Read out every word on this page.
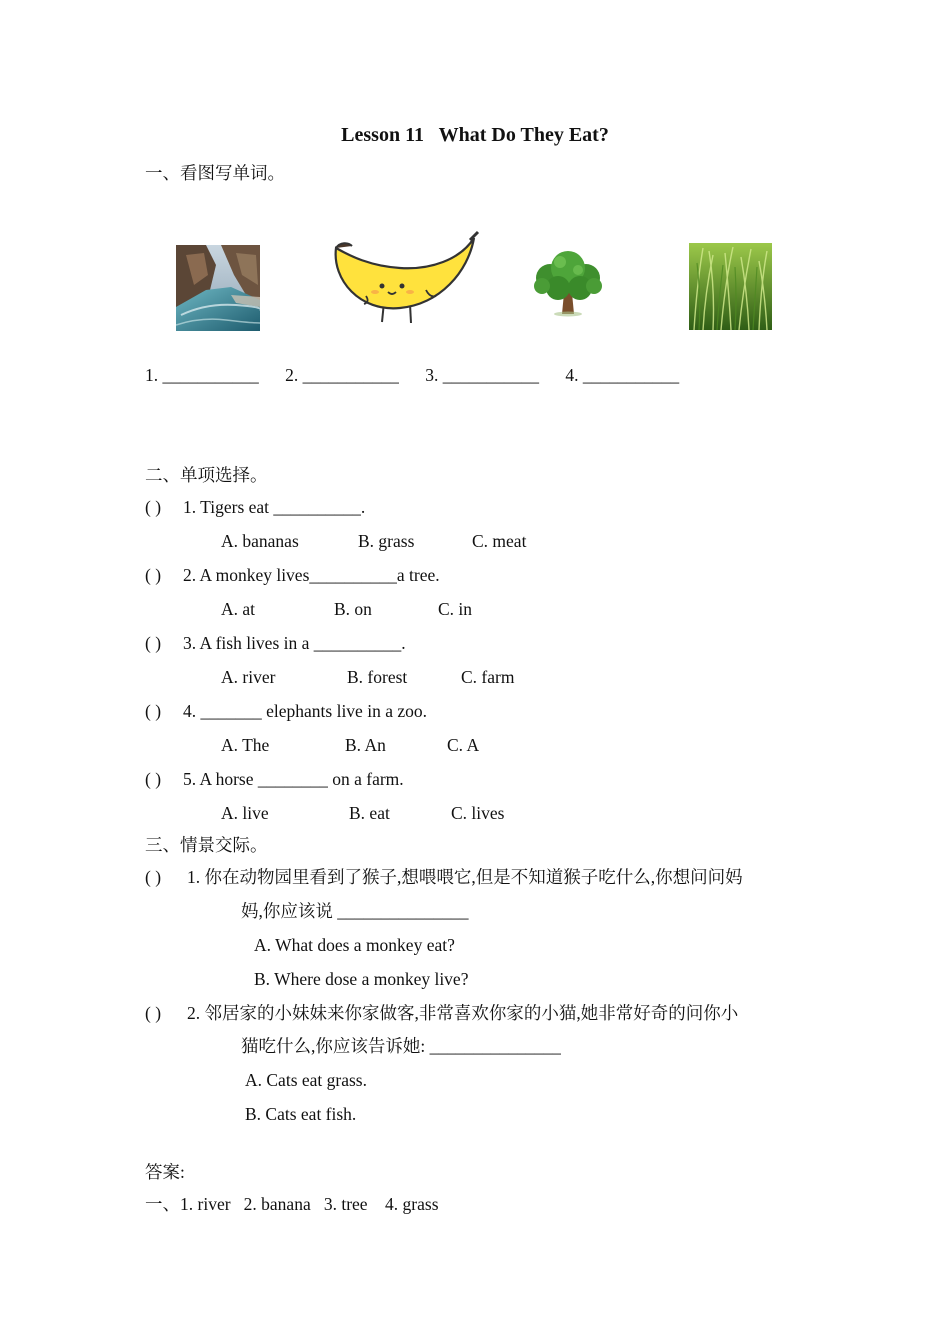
Lesson 11   What Do They Eat?
一、看图写单词。
1. ___________ 2. ___________ 3. ___________ 4. ___________
二、单项选择。
( ) 1. Tigers eat __________.
A. bananas	B. grass	C. meat
( ) 2. A monkey lives__________a tree.
A. at	B. on	C. in
( ) 3. A fish lives in a __________.
A. river	B. forest	C. farm
( ) 4. _______ elephants live in a zoo.
A. The	B. An	C. A
( ) 5. A horse ________ on a farm.
A. live	B. eat	C. lives
三、情景交际。
( ) 1. 你在动物园里看到了猴子,想喂喂它,但是不知道猴子吃什么,你想问问妈
妈,你应该说 _______________
A. What does a monkey eat?
B. Where dose a monkey live?
( ) 2. 邻居家的小妹妹来你家做客,非常喜欢你家的小猫,她非常好奇的问你小
猫吃什么,你应该告诉她: _______________
A. Cats eat grass.
B. Cats eat fish.
答案:
一、1. river   2. banana   3. tree    4. grass
